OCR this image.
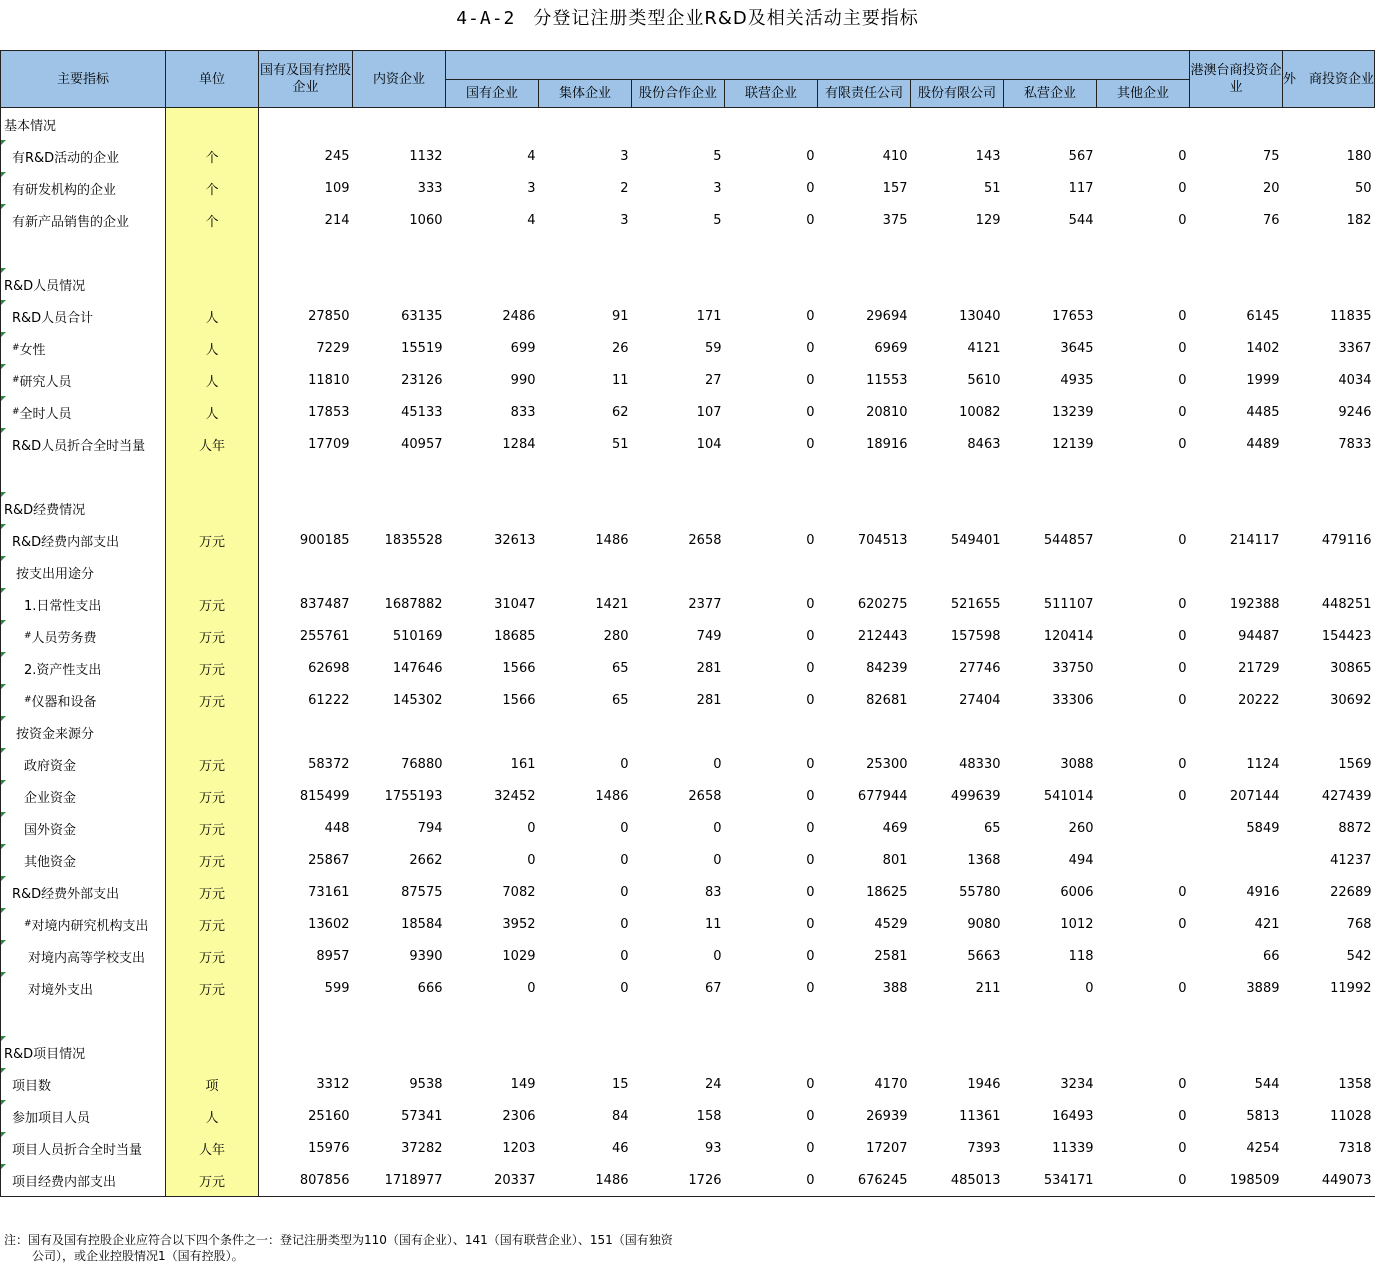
4-A-2 分登记注册类型企业R&D及相关活动主要指标
主要指标	单位	国有及国有控股企业	内资企业									港澳台商投资企业	外　商投资企业
				国有企业	集体企业	股份合作企业	联营企业	有限责任公司	股份有限公司	私营企业	其他企业		
基本情况													

有R&D活动的企业	个	245	1132	4	3	5	0	410	143	567	0	75	180

有研发机构的企业	个	109	333	3	2	3	0	157	51	117	0	20	50

有新产品销售的企业	个	214	1060	4	3	5	0	375	129	544	0	76	182

R&D人员情况													

R&D人员合计	人	27850	63135	2486	91	171	0	29694	13040	17653	0	6145	11835

#女性	人	7229	15519	699	26	59	0	6969	4121	3645	0	1402	3367

#研究人员	人	11810	23126	990	11	27	0	11553	5610	4935	0	1999	4034

#全时人员	人	17853	45133	833	62	107	0	20810	10082	13239	0	4485	9246

R&D人员折合全时当量	人年	17709	40957	1284	51	104	0	18916	8463	12139	0	4489	7833

R&D经费情况													

R&D经费内部支出	万元	900185	1835528	32613	1486	2658	0	704513	549401	544857	0	214117	479116

按支出用途分													

1.日常性支出	万元	837487	1687882	31047	1421	2377	0	620275	521655	511107	0	192388	448251

#人员劳务费	万元	255761	510169	18685	280	749	0	212443	157598	120414	0	94487	154423

2.资产性支出	万元	62698	147646	1566	65	281	0	84239	27746	33750	0	21729	30865

#仪器和设备	万元	61222	145302	1566	65	281	0	82681	27404	33306	0	20222	30692

按资金来源分													

政府资金	万元	58372	76880	161	0	0	0	25300	48330	3088	0	1124	1569

企业资金	万元	815499	1755193	32452	1486	2658	0	677944	499639	541014	0	207144	427439

国外资金	万元	448	794	0	0	0	0	469	65	260		5849	8872

其他资金	万元	25867	2662	0	0	0	0	801	1368	494			41237

R&D经费外部支出	万元	73161	87575	7082	0	83	0	18625	55780	6006	0	4916	22689

#对境内研究机构支出	万元	13602	18584	3952	0	11	0	4529	9080	1012	0	421	768

对境内高等学校支出	万元	8957	9390	1029	0	0	0	2581	5663	118		66	542

对境外支出	万元	599	666	0	0	67	0	388	211	0	0	3889	11992

R&D项目情况													

项目数	项	3312	9538	149	15	24	0	4170	1946	3234	0	544	1358

参加项目人员	人	25160	57341	2306	84	158	0	26939	11361	16493	0	5813	11028

项目人员折合全时当量	人年	15976	37282	1203	46	93	0	17207	7393	11339	0	4254	7318

项目经费内部支出	万元	807856	1718977	20337	1486	1726	0	676245	485013	534171	0	198509	449073
注：国有及国有控股企业应符合以下四个条件之一：登记注册类型为110（国有企业）、141（国有联营企业）、151（国有独资
公司），或企业控股情况1（国有控股）。
